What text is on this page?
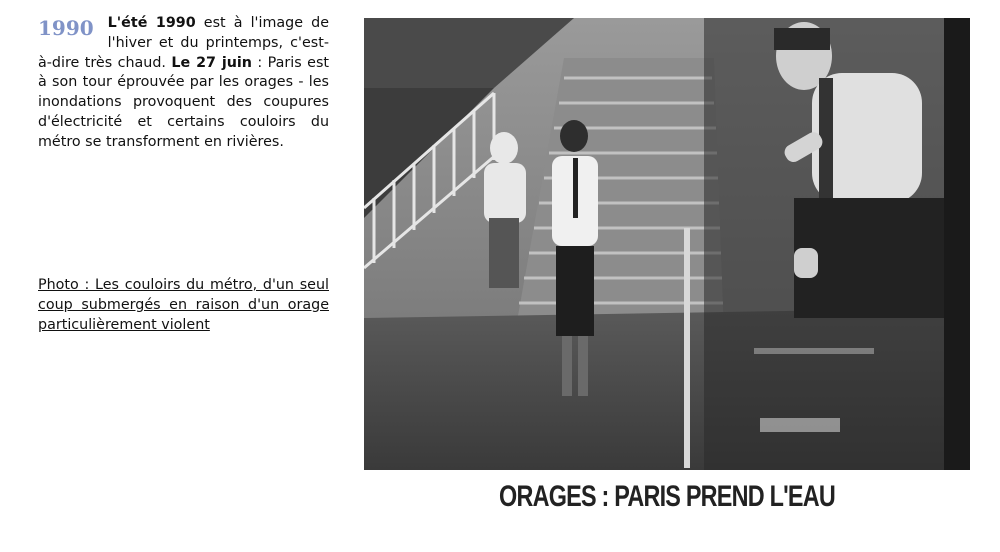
1990 L'été 1990 est à l'image de l'hiver et du printemps, c'est-à-dire très chaud. Le 27 juin : Paris est à son tour éprouvée par les orages - les inondations provoquent des coupures d'électricité et certains couloirs du métro se transforment en rivières.
Photo : Les couloirs du métro, d'un seul coup submergés en raison d'un orage particulièrement violent
ORAGES : PARIS PREND L'EAU
